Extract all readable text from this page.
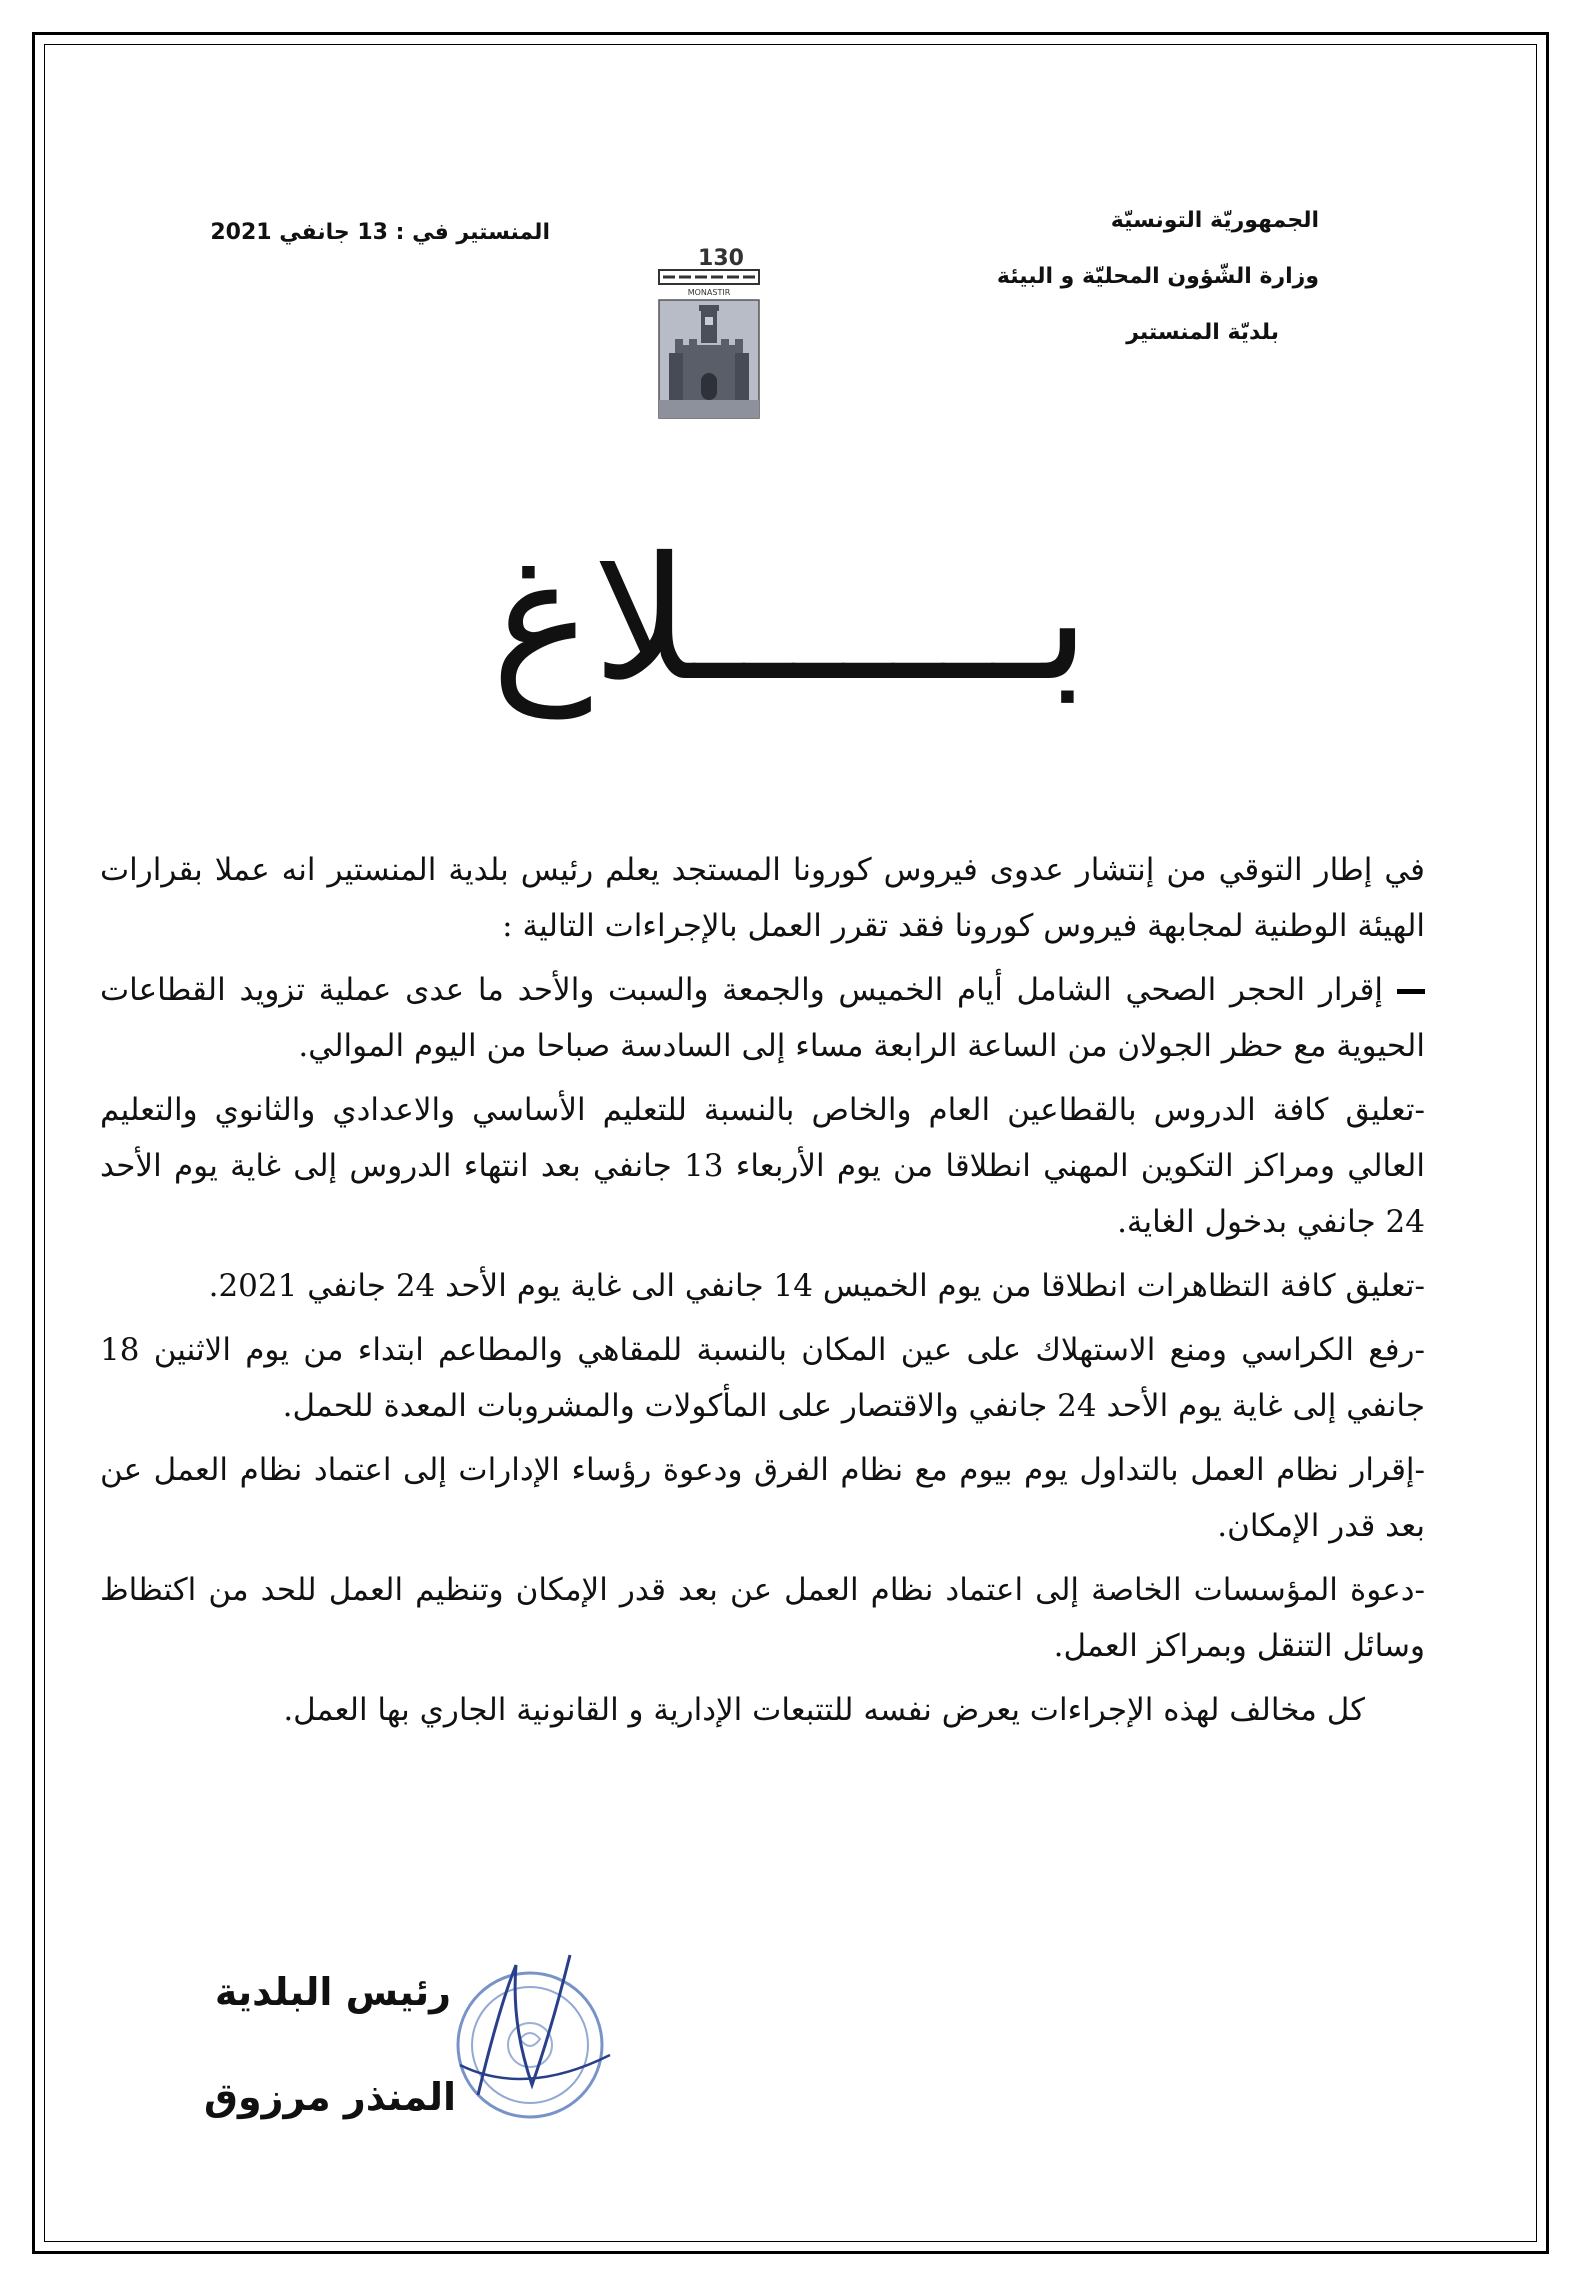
الجمهوريّة التونسيّة
وزارة الشّؤون المحليّة و البيئة
بلديّة المنستير
المنستير في : 13 جانفي 2021
130
MONASTIR
بـــــــلاغ

في إطار التوقي من إنتشار عدوى فيروس كورونا المستجد يعلم رئيس بلدية المنستير انه عملا بقرارات الهيئة الوطنية لمجابهة فيروس كورونا فقد تقرر العمل بالإجراءات التالية :

إقرار الحجر الصحي الشامل أيام الخميس والجمعة والسبت والأحد ما عدى عملية تزويد القطاعات الحيوية مع حظر الجولان من الساعة الرابعة مساء إلى السادسة صباحا من اليوم الموالي.

-تعليق كافة الدروس بالقطاعين العام والخاص بالنسبة للتعليم الأساسي والاعدادي والثانوي والتعليم العالي ومراكز التكوين المهني انطلاقا من يوم الأربعاء 13 جانفي بعد انتهاء الدروس إلى غاية يوم الأحد 24 جانفي بدخول الغاية.

-تعليق كافة التظاهرات انطلاقا من يوم الخميس 14 جانفي الى غاية يوم الأحد 24 جانفي 2021.

-رفع الكراسي ومنع الاستهلاك على عين المكان بالنسبة للمقاهي والمطاعم ابتداء من يوم الاثنين 18 جانفي إلى غاية يوم الأحد 24 جانفي والاقتصار على المأكولات والمشروبات المعدة للحمل.

-إقرار نظام العمل بالتداول يوم بيوم مع نظام الفرق ودعوة رؤساء الإدارات إلى اعتماد نظام العمل عن بعد قدر الإمكان.

-دعوة المؤسسات الخاصة إلى اعتماد نظام العمل عن بعد قدر الإمكان وتنظيم العمل للحد من اكتظاظ وسائل التنقل وبمراكز العمل.

كل مخالف لهذه الإجراءات يعرض نفسه للتتبعات الإدارية و القانونية الجاري بها العمل.

رئيس البلدية
المنذر مرزوق
